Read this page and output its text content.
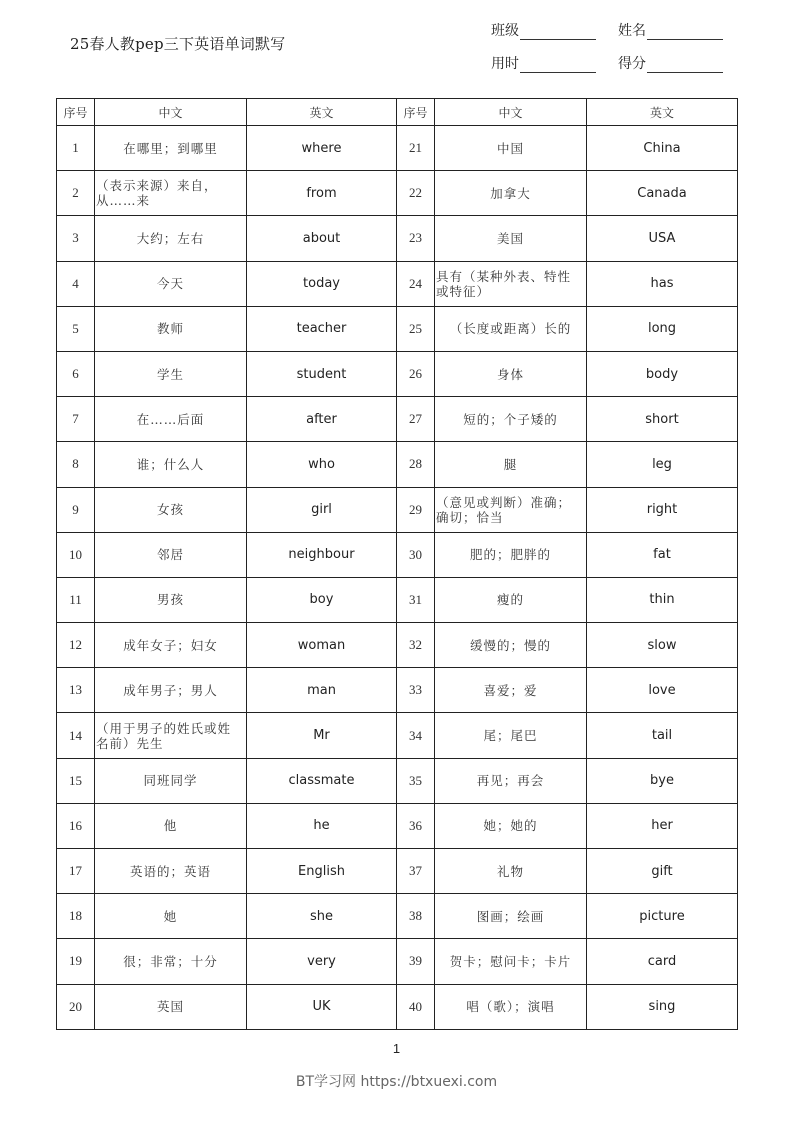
25春人教pep三下英语单词默写
班级	姓名
用时	得分
序号	中文	英文	序号	中文	英文
1	在哪里；到哪里	where	21	中国	China
2	（表示来源）来自，从……来	from	22	加拿大	Canada
3	大约；左右	about	23	美国	USA
4	今天	today	24	具有（某种外表、特性或特征）	has
5	教师	teacher	25	（长度或距离）长的	long
6	学生	student	26	身体	body
7	在……后面	after	27	短的；个子矮的	short
8	谁；什么人	who	28	腿	leg
9	女孩	girl	29	（意见或判断）准确；确切；恰当	right
10	邻居	neighbour	30	肥的；肥胖的	fat
11	男孩	boy	31	瘦的	thin
12	成年女子；妇女	woman	32	缓慢的；慢的	slow
13	成年男子；男人	man	33	喜爱；爱	love
14	（用于男子的姓氏或姓名前）先生	Mr	34	尾；尾巴	tail
15	同班同学	classmate	35	再见；再会	bye
16	他	he	36	她；她的	her
17	英语的；英语	English	37	礼物	gift
18	她	she	38	图画；绘画	picture
19	很；非常；十分	very	39	贺卡；慰问卡；卡片	card
20	英国	UK	40	唱（歌）；演唱	sing
1
BT学习网 https://btxuexi.com
